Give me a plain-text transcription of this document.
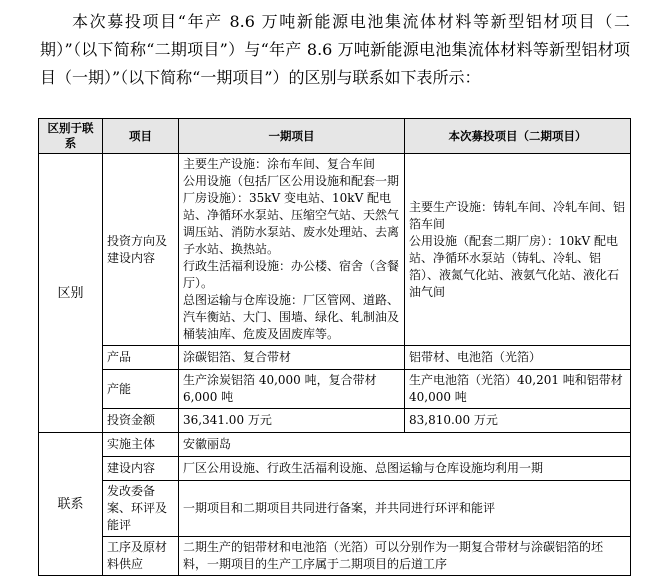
本次募投项目“年产 8.6 万吨新能源电池集流体材料等新型铝材项目（二期）”（以下简称“二期项目”）与“年产 8.6 万吨新能源电池集流体材料等新型铝材项目（一期）”（以下简称“一期项目”）的区别与联系如下表所示：

区别于联系	项目	一期项目	本次募投项目（二期项目）
区别	投资方向及建设内容	主要生产设施：涂布车间、复合车间
公用设施（包括厂区公用设施和配套一期厂房设施）：35kV 变电站、10kV 配电站、净循环水泵站、压缩空气站、天然气调压站、消防水泵站、废水处理站、去离子水站、换热站。
行政生活福利设施：办公楼、宿舍（含餐厅）。
总图运输与仓库设施：厂区管网、道路、汽车衡站、大门、围墙、绿化、轧制油及桶装油库、危废及固废库等。	主要生产设施：铸轧车间、冷轧车间、铝箔车间
公用设施（配套二期厂房）：10kV 配电站、净循环水泵站（铸轧、冷轧、铝箔）、液氮气化站、液氨气化站、液化石油气间

	产品	涂碳铝箔、复合带材	铝带材、电池箔（光箔）
	产能	生产涂炭铝箔 40,000 吨，复合带材 6,000 吨	生产电池箔（光箔）40,201 吨和铝带材 40,000 吨
	投资金额	36,341.00 万元	83,810.00 万元
联系	实施主体	安徽丽岛	
	建设内容	厂区公用设施、行政生活福利设施、总图运输与仓库设施均利用一期	
	发改委备案、环评及能评	一期项目和二期项目共同进行备案，并共同进行环评和能评	
	工序及原材料供应	二期生产的铝带材和电池箔（光箔）可以分别作为一期复合带材与涂碳铝箔的坯料，一期项目的生产工序属于二期项目的后道工序	
